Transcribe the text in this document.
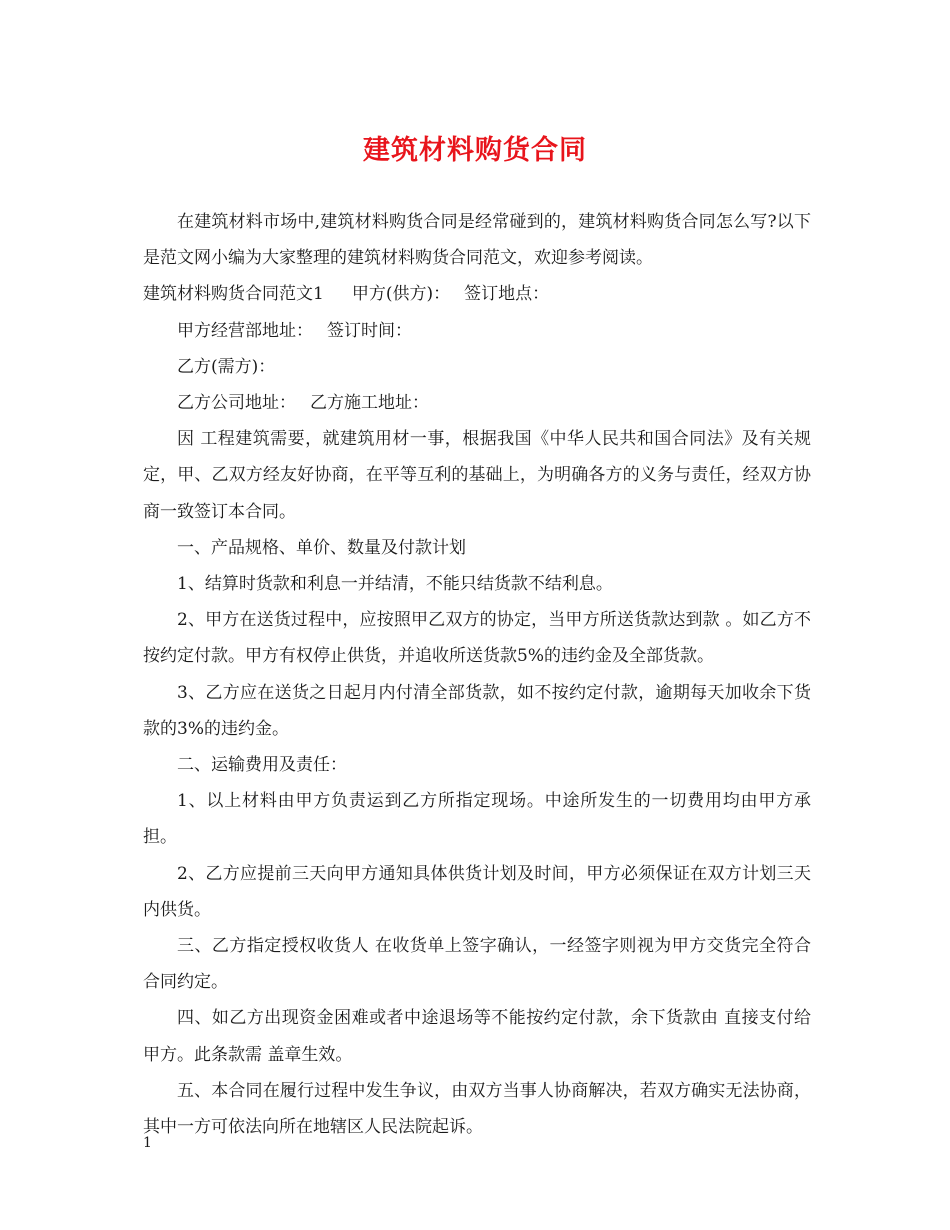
建筑材料购货合同

在建筑材料市场中,建筑材料购货合同是经常碰到的，建筑材料购货合同怎么写?以下是范文网小编为大家整理的建筑材料购货合同范文，欢迎参考阅读。

建筑材料购货合同范文1 甲方(供方)： 签订地点：

甲方经营部地址： 签订时间：

乙方(需方)：

乙方公司地址： 乙方施工地址：

因 工程建筑需要，就建筑用材一事，根据我国《中华人民共和国合同法》及有关规定，甲、乙双方经友好协商，在平等互利的基础上，为明确各方的义务与责任，经双方协商一致签订本合同。

一、产品规格、单价、数量及付款计划

1、结算时货款和利息一并结清，不能只结货款不结利息。

2、甲方在送货过程中，应按照甲乙双方的协定，当甲方所送货款达到款 。如乙方不按约定付款。甲方有权停止供货，并追收所送货款5%的违约金及全部货款。

3、乙方应在送货之日起月内付清全部货款，如不按约定付款，逾期每天加收余下货款的3%的违约金。

二、运输费用及责任：

1、以上材料由甲方负责运到乙方所指定现场。中途所发生的一切费用均由甲方承担。

2、乙方应提前三天向甲方通知具体供货计划及时间，甲方必须保证在双方计划三天内供货。

三、乙方指定授权收货人 在收货单上签字确认，一经签字则视为甲方交货完全符合合同约定。

四、如乙方出现资金困难或者中途退场等不能按约定付款，余下货款由 直接支付给甲方。此条款需 盖章生效。

五、本合同在履行过程中发生争议，由双方当事人协商解决，若双方确实无法协商，其中一方可依法向所在地辖区人民法院起诉。

1
